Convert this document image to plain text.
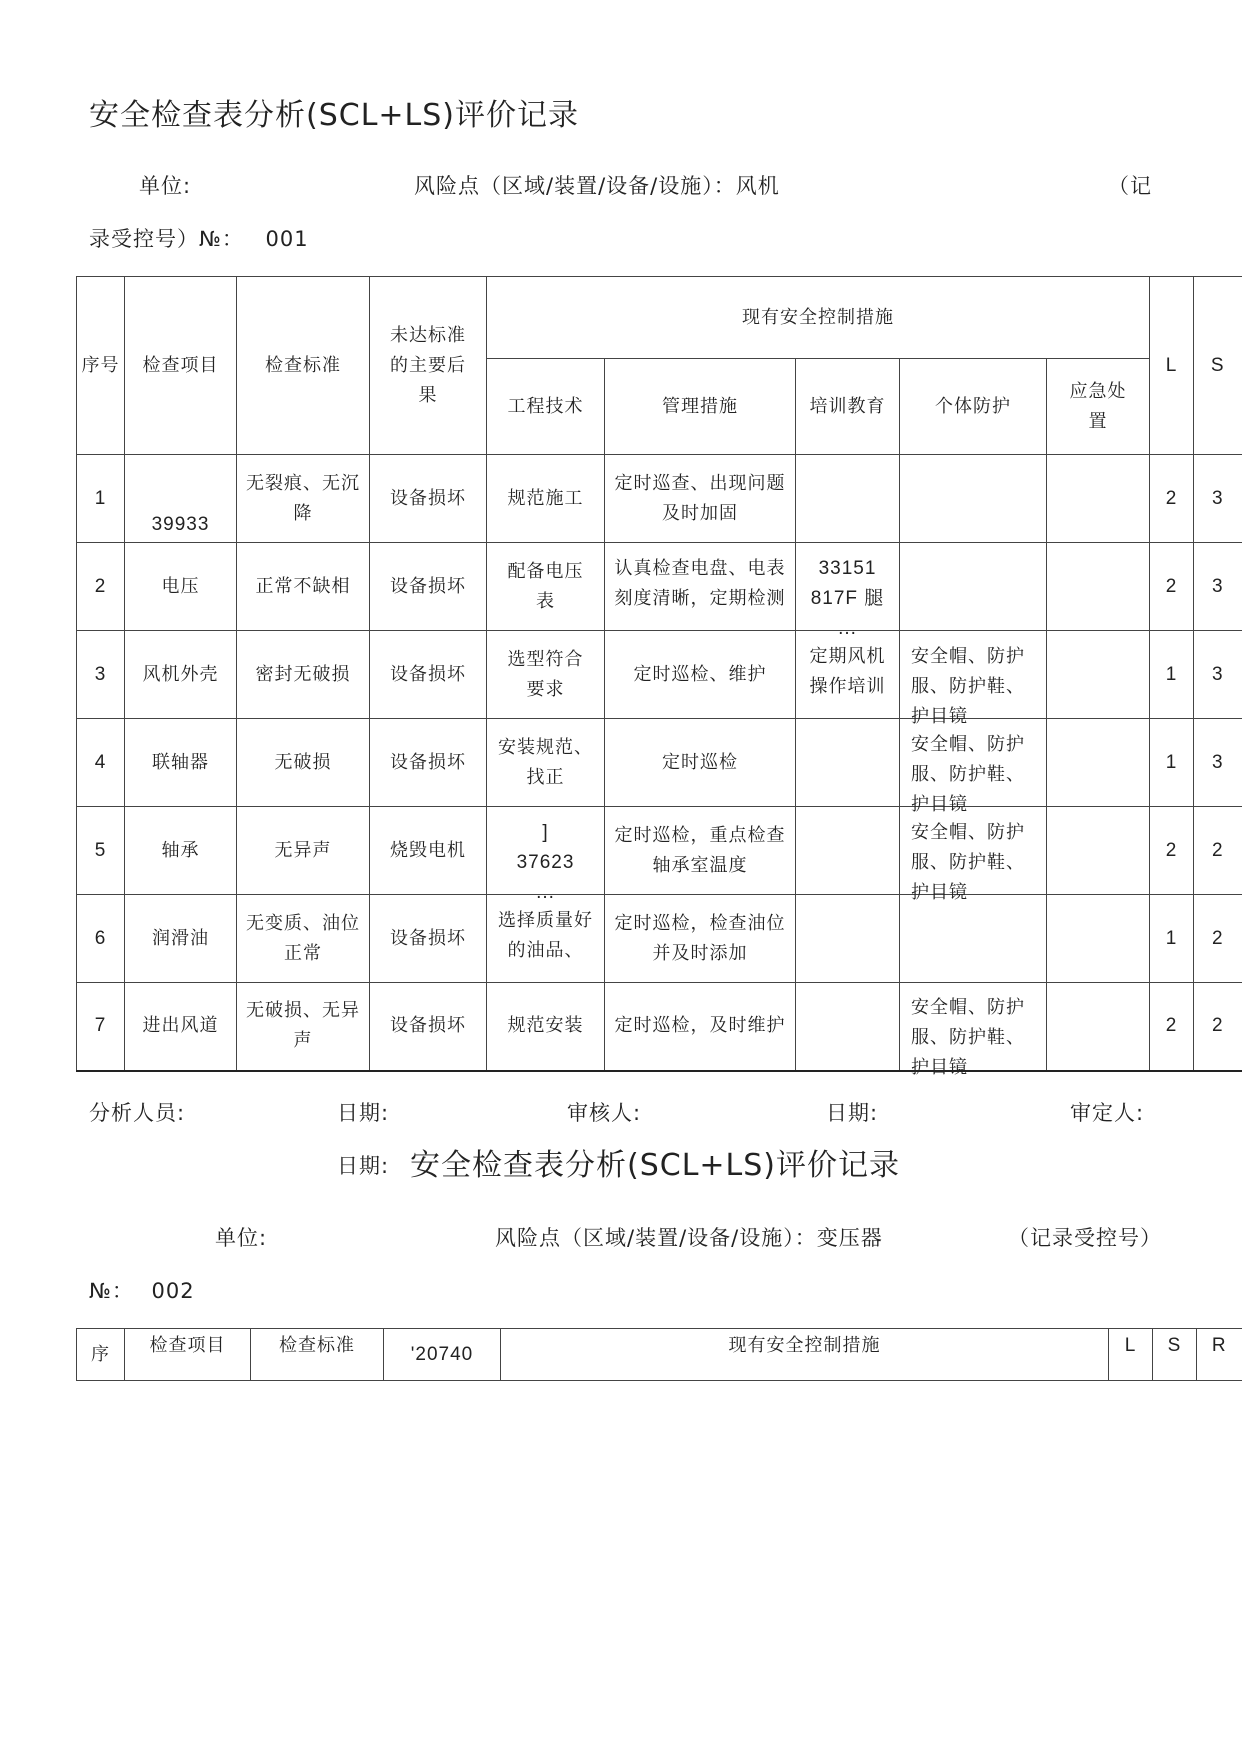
安全检查表分析(SCL+LS)评价记录
单位:	风险点（区域/装置/设备/设施）：风机	（记
录受控号）№： 001
序号	检查项目	检查标准	未达标准的主要后果	现有安全控制措施					L	S
				工程技术	管理措施	培训教育	个体防护	应急处置		
1	39933	无裂痕、无沉降	设备损坏	规范施工	定时巡查、出现问题及时加固				2	3
2	电压	正常不缺相	设备损坏	配备电压表	认真检查电盘、电表刻度清晰，定期检测	33151 817F 腿 ...			2	3
3	风机外壳	密封无破损	设备损坏	选型符合要求	定时巡检、维护	定期风机操作培训	安全帽、防护服、防护鞋、护目镜		1	3
4	联轴器	无破损	设备损坏	安装规范、找正	定时巡检		安全帽、防护服、防护鞋、护目镜		1	3
5	轴承	无异声	烧毁电机	] 37623 ...	定时巡检，重点检查轴承室温度		安全帽、防护服、防护鞋、护目镜		2	2
6	润滑油	无变质、油位正常	设备损坏	选择质量好的油品、	定时巡检，检查油位并及时添加				1	2
7	进出风道	无破损、无异声	设备损坏	规范安装	定时巡检，及时维护		安全帽、防护服、防护鞋、护目镜		2	2
分析人员:	日期:	审核人:	日期:	审定人:
日期: 安全检查表分析(SCL+LS)评价记录
单位:	风险点（区域/装置/设备/设施）：变压器	（记录受控号）
№： 002
序	检查项目	检查标准	'20740	现有安全控制措施	L	S	R
